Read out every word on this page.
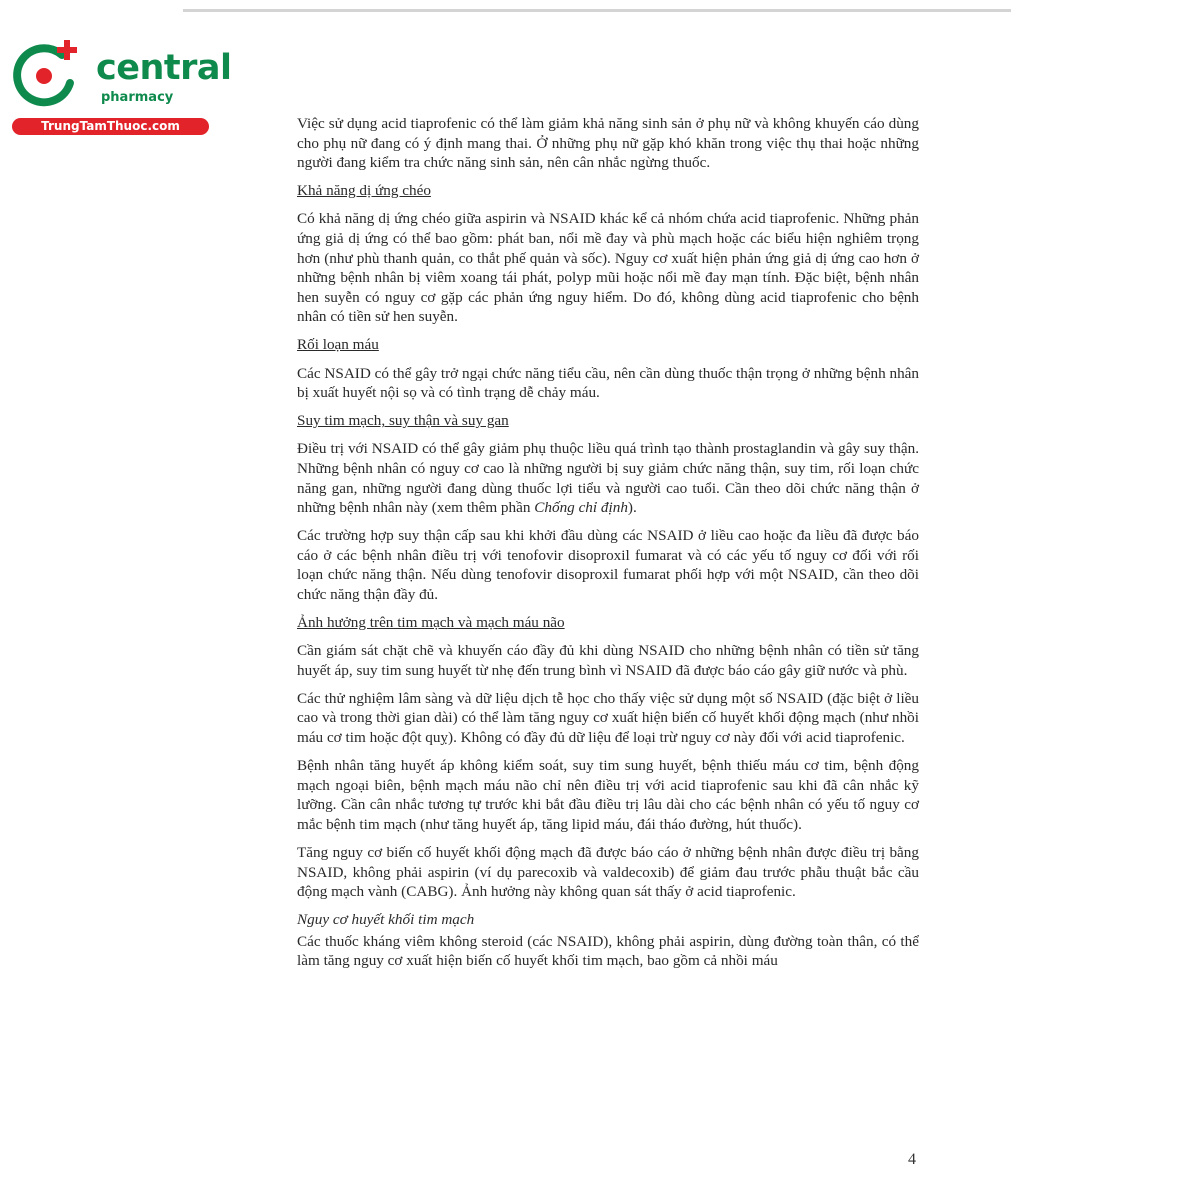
central
pharmacy
TrungTamThuoc.com	Việc sử dụng acid tiaprofenic có thể làm giảm khả năng sinh sản ở phụ nữ và không khuyến cáo dùng cho phụ nữ đang có ý định mang thai. Ở những phụ nữ gặp khó khăn trong việc thụ thai hoặc những người đang kiểm tra chức năng sinh sản, nên cân nhắc ngừng thuốc.

Khả năng dị ứng chéo

Có khả năng dị ứng chéo giữa aspirin và NSAID khác kể cả nhóm chứa acid tiaprofenic. Những phản ứng giả dị ứng có thể bao gồm: phát ban, nổi mề đay và phù mạch hoặc các biểu hiện nghiêm trọng hơn (như phù thanh quản, co thắt phế quản và sốc). Nguy cơ xuất hiện phản ứng giả dị ứng cao hơn ở những bệnh nhân bị viêm xoang tái phát, polyp mũi hoặc nổi mề đay mạn tính. Đặc biệt, bệnh nhân hen suyễn có nguy cơ gặp các phản ứng nguy hiểm. Do đó, không dùng acid tiaprofenic cho bệnh nhân có tiền sử hen suyễn.

Rối loạn máu

Các NSAID có thể gây trở ngại chức năng tiểu cầu, nên cần dùng thuốc thận trọng ở những bệnh nhân bị xuất huyết nội sọ và có tình trạng dễ chảy máu.

Suy tim mạch, suy thận và suy gan

Điều trị với NSAID có thể gây giảm phụ thuộc liều quá trình tạo thành prostaglandin và gây suy thận. Những bệnh nhân có nguy cơ cao là những người bị suy giảm chức năng thận, suy tim, rối loạn chức năng gan, những người đang dùng thuốc lợi tiểu và người cao tuổi. Cần theo dõi chức năng thận ở những bệnh nhân này (xem thêm phần Chống chỉ định).

Các trường hợp suy thận cấp sau khi khởi đầu dùng các NSAID ở liều cao hoặc đa liều đã được báo cáo ở các bệnh nhân điều trị với tenofovir disoproxil fumarat và có các yếu tố nguy cơ đối với rối loạn chức năng thận. Nếu dùng tenofovir disoproxil fumarat phối hợp với một NSAID, cần theo dõi chức năng thận đầy đủ.

Ảnh hưởng trên tim mạch và mạch máu não

Cần giám sát chặt chẽ và khuyến cáo đầy đủ khi dùng NSAID cho những bệnh nhân có tiền sử tăng huyết áp, suy tim sung huyết từ nhẹ đến trung bình vì NSAID đã được báo cáo gây giữ nước và phù.

Các thử nghiệm lâm sàng và dữ liệu dịch tễ học cho thấy việc sử dụng một số NSAID (đặc biệt ở liều cao và trong thời gian dài) có thể làm tăng nguy cơ xuất hiện biến cố huyết khối động mạch (như nhồi máu cơ tim hoặc đột quỵ). Không có đầy đủ dữ liệu để loại trừ nguy cơ này đối với acid tiaprofenic.

Bệnh nhân tăng huyết áp không kiểm soát, suy tim sung huyết, bệnh thiếu máu cơ tim, bệnh động mạch ngoại biên, bệnh mạch máu não chỉ nên điều trị với acid tiaprofenic sau khi đã cân nhắc kỹ lưỡng. Cần cân nhắc tương tự trước khi bắt đầu điều trị lâu dài cho các bệnh nhân có yếu tố nguy cơ mắc bệnh tim mạch (như tăng huyết áp, tăng lipid máu, đái tháo đường, hút thuốc).

Tăng nguy cơ biến cố huyết khối động mạch đã được báo cáo ở những bệnh nhân được điều trị bằng NSAID, không phải aspirin (ví dụ parecoxib và valdecoxib) để giảm đau trước phẫu thuật bắc cầu động mạch vành (CABG). Ảnh hưởng này không quan sát thấy ở acid tiaprofenic.

Nguy cơ huyết khối tim mạch

Các thuốc kháng viêm không steroid (các NSAID), không phải aspirin, dùng đường toàn thân, có thể làm tăng nguy cơ xuất hiện biến cố huyết khối tim mạch, bao gồm cả nhồi máu

4
